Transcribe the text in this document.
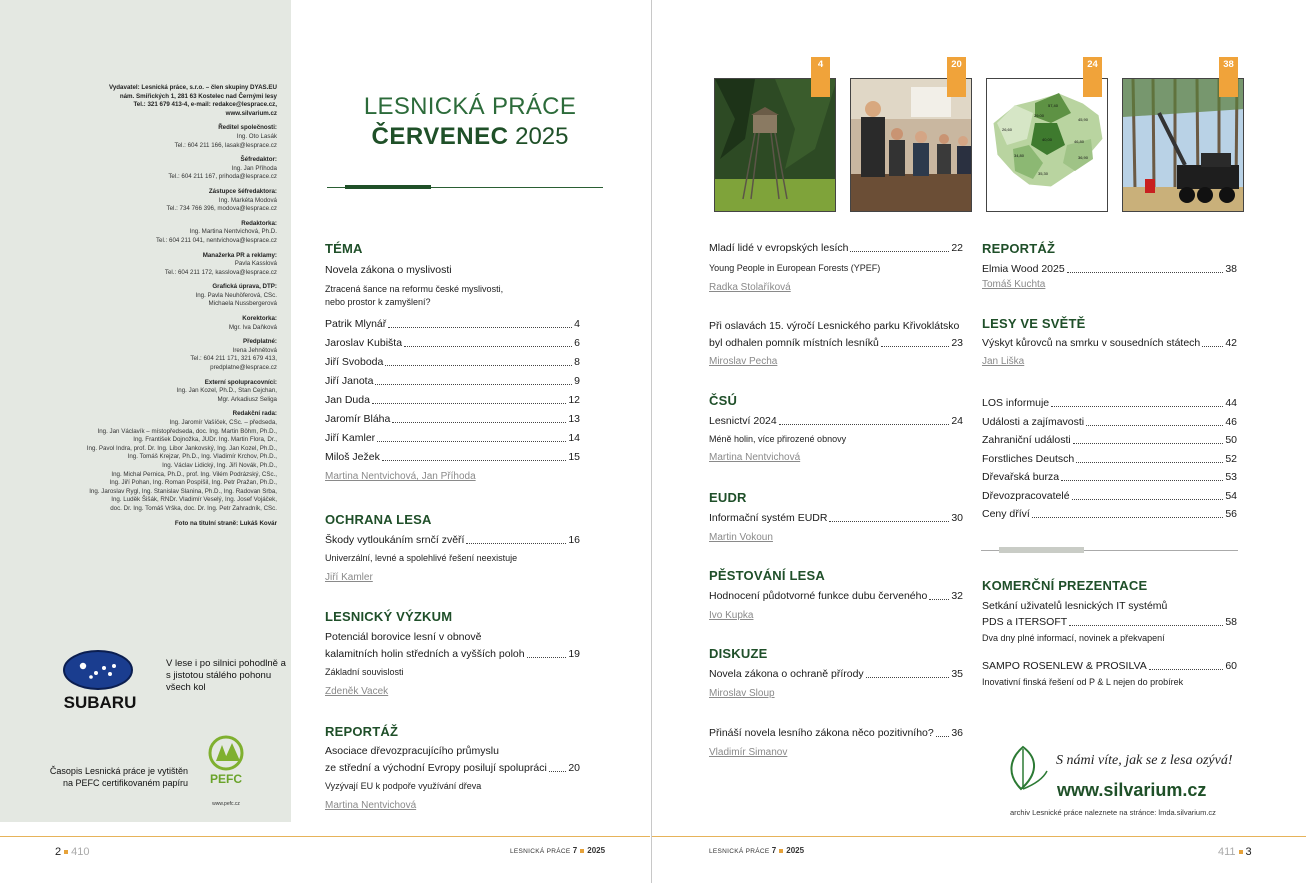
Vydavatel: Lesnická práce, s.r.o. – člen skupiny DYAS.EU
nám. Smiřických 1, 281 63 Kostelec nad Černými lesy
Tel.: 321 679 413-4, e-mail: redakce@lesprace.cz,
www.silvarium.cz
Ředitel společnosti:
Ing. Oto Lasák
Tel.: 604 211 166, lasak@lesprace.cz
Šéfredaktor:
Ing. Jan Příhoda
Tel.: 604 211 167, prihoda@lesprace.cz
Zástupce šéfredaktora:
Ing. Markéta Modová
Tel.: 734 766 396, modova@lesprace.cz
Redaktorka:
Ing. Martina Nentvichová, Ph.D.
Tel.: 604 211 041, nentvichova@lesprace.cz
Manažerka PR a reklamy:
Pavla Kasslová
Tel.: 604 211 172, kasslova@lesprace.cz
Grafická úprava, DTP:
Ing. Pavla Neuhöferová, CSc.
Michaela Nussbergerová
Korektorka:
Mgr. Iva Daňková
Předplatné:
Irena Jehnětová
Tel.: 604 211 171, 321 679 413,
predplatne@lesprace.cz
Externí spolupracovníci:
Ing. Jan Kozel, Ph.D., Stan Cejchan,
Mgr. Arkadiusz Seliga
Redakční rada:
Ing. Jaromír Vašíček, CSc. – předseda,
Ing. Jan Václavík – místopředseda, doc. Ing. Martin Böhm, Ph.D.,
Ing. František Dojnožka, JUDr. Ing. Martin Flora, Dr.,
Ing. Pavol Indra, prof. Dr. Ing. Libor Jankovský, Ing. Jan Kozel, Ph.D.,
Ing. Tomáš Krejzar, Ph.D., Ing. Vladimír Krchov, Ph.D.,
Ing. Václav Lidický, Ing. Jiří Novák, Ph.D.,
Ing. Michal Pernica, Ph.D., prof. Ing. Vilém Podrázský, CSc.,
Ing. Jiří Pohan, Ing. Roman Pospíšil, Ing. Petr Pražan, Ph.D.,
Ing. Jaroslav Rygl, Ing. Stanislav Slanina, Ph.D., Ing. Radovan Srba,
Ing. Luděk Šišák, RNDr. Vladimír Veselý, Ing. Josef Vojáček,
doc. Dr. Ing. Tomáš Vrška, doc. Dr. Ing. Petr Zahradník, CSc.
Foto na titulní straně: Lukáš Kovár
SUBARU
V lese i po silnici pohodlně a s jistotou stálého pohonu všech kol
Časopis Lesnická práce je vytištěn na PEFC certifikovaném papíru PEFC
www.pefc.cz
LESNICKÁ PRÁCE
ČERVENEC 2025
TÉMA
Novela zákona o myslivosti
Ztracená šance na reformu české myslivosti,
nebo prostor k zamyšlení?
Patrik Mlynář	4
Jaroslav Kubišta	6
Jiří Svoboda	8
Jiří Janota	9
Jan Duda	12
Jaromír Bláha	13
Jiří Kamler	14
Miloš Ježek	15
Martina Nentvichová, Jan Příhoda
OCHRANA LESA
Škody vytloukáním srnčí zvěří	16
Univerzální, levné a spolehlivé řešení neexistuje
Jiří Kamler
LESNICKÝ VÝZKUM
Potenciál borovice lesní v obnově
kalamitních holin středních a vyšších poloh	19
Základní souvislosti
Zdeněk Vacek
REPORTÁŽ
Asociace dřevozpracujícího průmyslu
ze střední a východní Evropy posilují spolupráci 20
Vyzývají EU k podpoře využívání dřeva
Martina Nentvichová
57,40
29,00
45,90
26,60
40,00	46,80
34,80	36,90
35,30
4	20	24	38
Mladí lidé v evropských lesích	22
Young People in European Forests (YPEF)
Radka Stolaříková
Při oslavách 15. výročí Lesnického parku Křivoklátsko
byl odhalen pomník místních lesníků	23
Miroslav Pecha
ČSÚ
Lesnictví 2024	24
Méně holin, více přirozené obnovy
Martina Nentvichová
EUDR
Informační systém EUDR	30
Martin Vokoun
PĚSTOVÁNÍ LESA
Hodnocení půdotvorné funkce dubu červeného 32
Ivo Kupka
DISKUZE
Novela zákona o ochraně přírody	35
Miroslav Sloup
Přináší novela lesního zákona něco pozitivního? 36
Vladimír Simanov
REPORTÁŽ
Elmia Wood 2025	38
Tomáš Kuchta
LESY VE SVĚTĚ
Výskyt kůrovců na smrku v sousedních státech 42
Jan Liška
LOS informuje	44
Události a zajímavosti	46
Zahraniční události	50
Forstliches Deutsch	52
Dřevařská burza	53
Dřevozpracovatelé	54
Ceny dříví	56
KOMERČNÍ PREZENTACE
Setkání uživatelů lesnických IT systémů
PDS a ITERSOFT	58
Dva dny plné informací, novinek a překvapení
SAMPO ROSENLEW & PROSILVA	60
Inovativní finská řešení od P & L nejen do probírek
S námi víte, jak se z lesa ozývá!
www.silvarium.cz
archiv Lesnické práce naleznete na stránce: lmda.silvarium.cz
2 410	LESNICKÁ PRÁCE 7 2025	LESNICKÁ PRÁCE 7 2025	411 3
